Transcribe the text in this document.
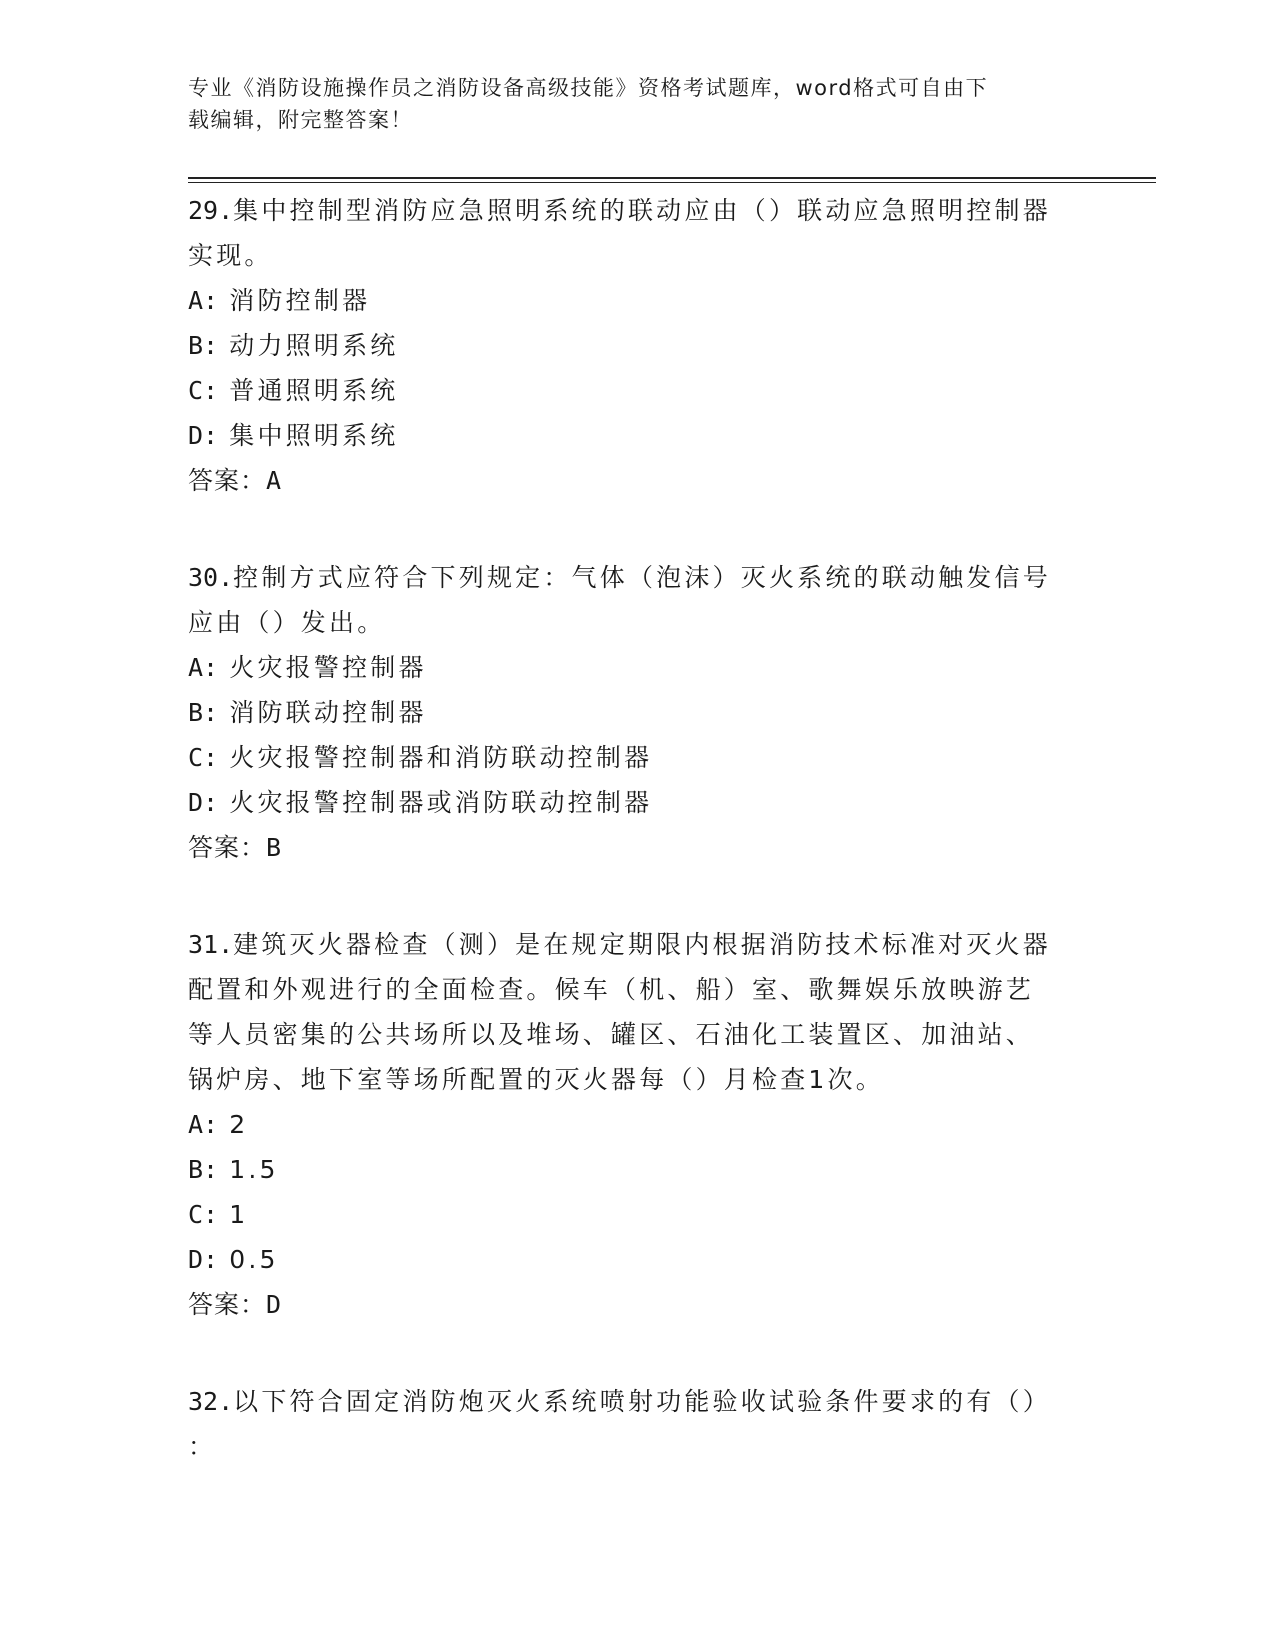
专业《消防设施操作员之消防设备高级技能》资格考试题库，word格式可自由下
载编辑，附完整答案！
29.集中控制型消防应急照明系统的联动应由（）联动应急照明控制器
实现。
A: 消防控制器
B: 动力照明系统
C: 普通照明系统
D: 集中照明系统
答案：A
30.控制方式应符合下列规定：气体（泡沫）灭火系统的联动触发信号
应由（）发出。
A: 火灾报警控制器
B: 消防联动控制器
C: 火灾报警控制器和消防联动控制器
D: 火灾报警控制器或消防联动控制器
答案：B
31.建筑灭火器检查（测）是在规定期限内根据消防技术标准对灭火器
配置和外观进行的全面检查。候车（机、船）室、歌舞娱乐放映游艺
等人员密集的公共场所以及堆场、罐区、石油化工装置区、加油站、
锅炉房、地下室等场所配置的灭火器每（）月检查1次。
A: 2
B: 1.5
C: 1
D: 0.5
答案：D
32.以下符合固定消防炮灭火系统喷射功能验收试验条件要求的有（）
：
